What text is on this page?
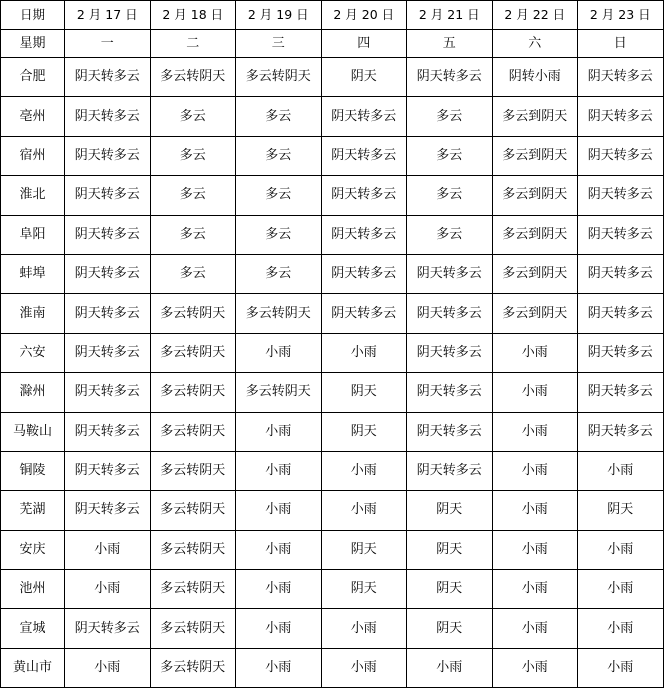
日期	2 月 17 日	2 月 18 日	2 月 19 日	2 月 20 日	2 月 21 日	2 月 22 日	2 月 23 日
星期	一	二	三	四	五	六	日
合肥	阴天转多云	多云转阴天	多云转阴天	阴天	阴天转多云	阴转小雨	阴天转多云
亳州	阴天转多云	多云	多云	阴天转多云	多云	多云到阴天	阴天转多云
宿州	阴天转多云	多云	多云	阴天转多云	多云	多云到阴天	阴天转多云
淮北	阴天转多云	多云	多云	阴天转多云	多云	多云到阴天	阴天转多云
阜阳	阴天转多云	多云	多云	阴天转多云	多云	多云到阴天	阴天转多云
蚌埠	阴天转多云	多云	多云	阴天转多云	阴天转多云	多云到阴天	阴天转多云
淮南	阴天转多云	多云转阴天	多云转阴天	阴天转多云	阴天转多云	多云到阴天	阴天转多云
六安	阴天转多云	多云转阴天	小雨	小雨	阴天转多云	小雨	阴天转多云
滁州	阴天转多云	多云转阴天	多云转阴天	阴天	阴天转多云	小雨	阴天转多云
马鞍山	阴天转多云	多云转阴天	小雨	阴天	阴天转多云	小雨	阴天转多云
铜陵	阴天转多云	多云转阴天	小雨	小雨	阴天转多云	小雨	小雨
芜湖	阴天转多云	多云转阴天	小雨	小雨	阴天	小雨	阴天
安庆	小雨	多云转阴天	小雨	阴天	阴天	小雨	小雨
池州	小雨	多云转阴天	小雨	阴天	阴天	小雨	小雨
宣城	阴天转多云	多云转阴天	小雨	小雨	阴天	小雨	小雨
黄山市	小雨	多云转阴天	小雨	小雨	小雨	小雨	小雨
